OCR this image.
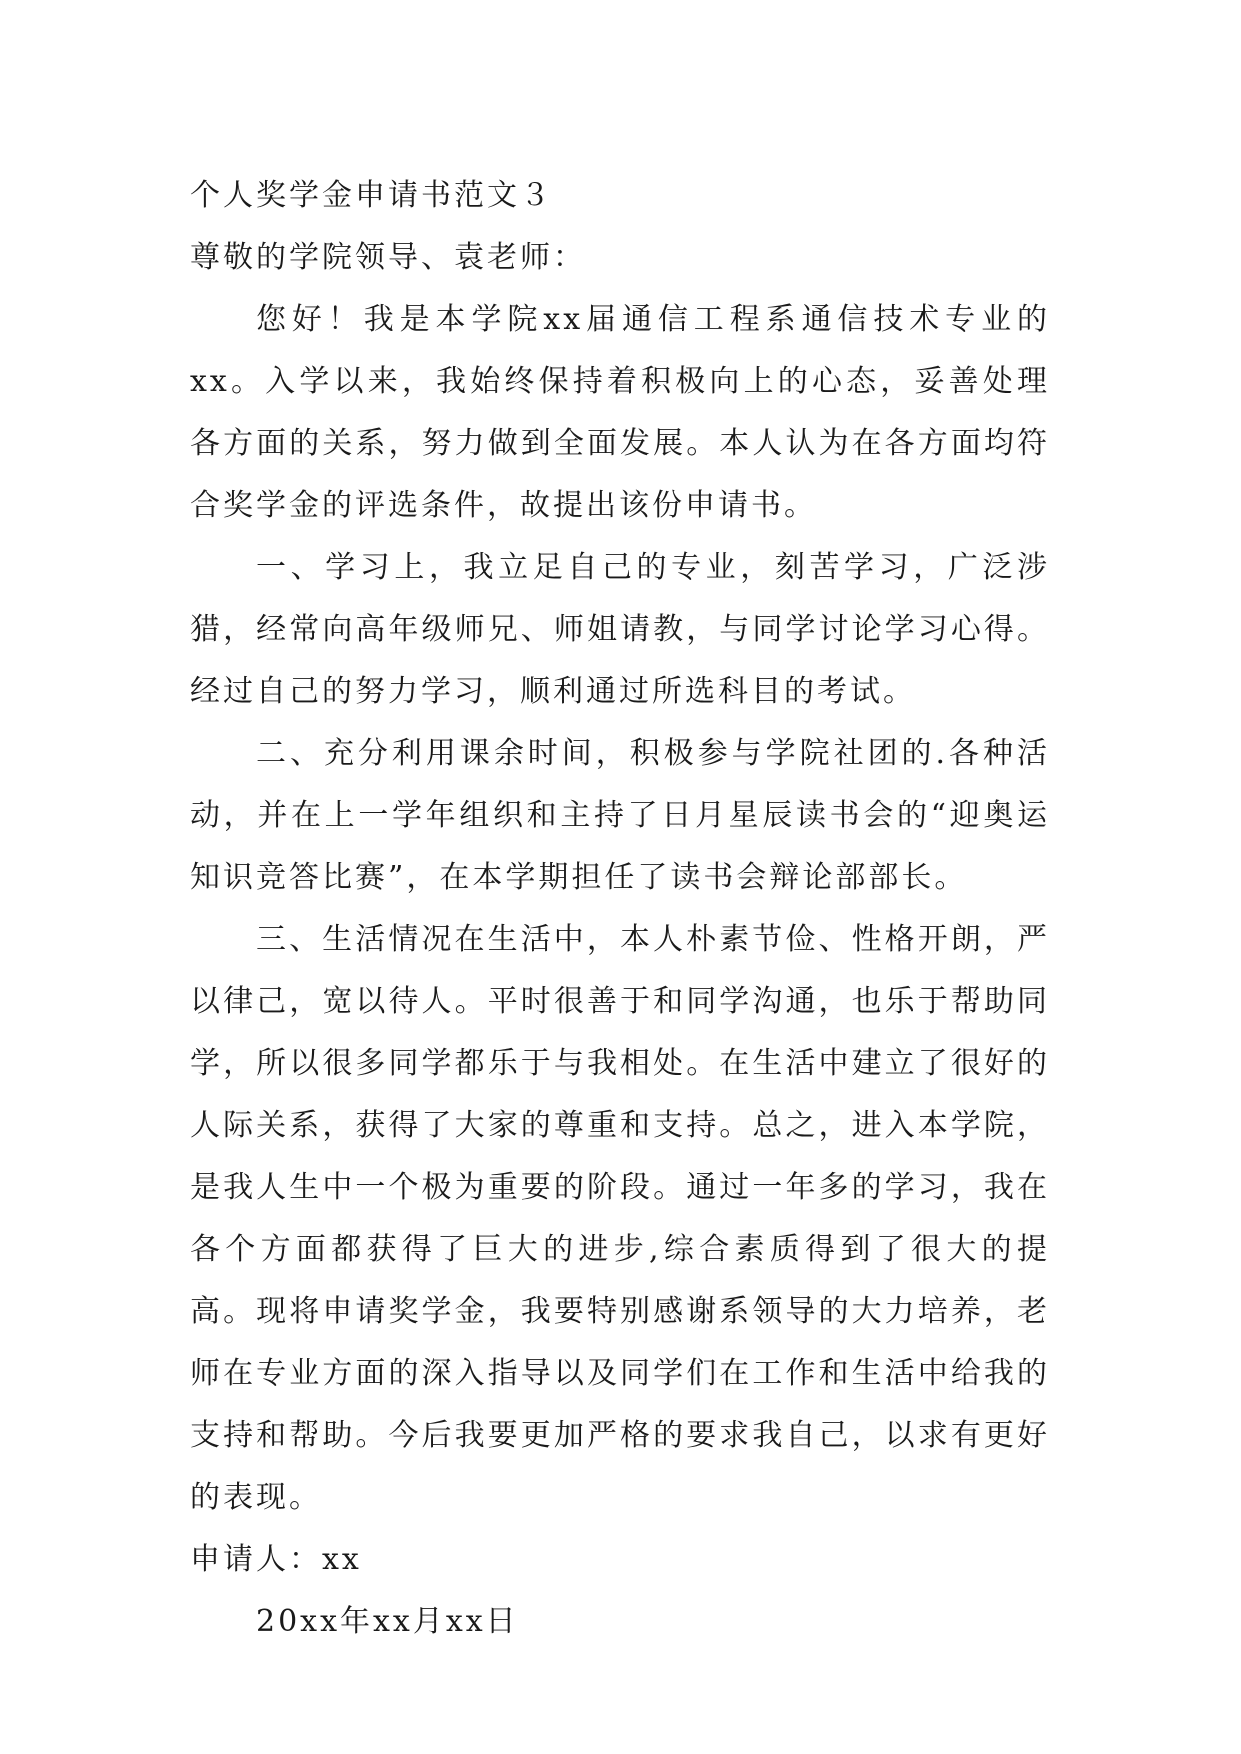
个人奖学金申请书范文３
尊敬的学院领导、袁老师：

您好！我是本学院xx届通信工程系通信技术专业的xx。入学以来，我始终保持着积极向上的心态，妥善处理各方面的关系，努力做到全面发展。本人认为在各方面均符合奖学金的评选条件，故提出该份申请书。

一、学习上，我立足自己的专业，刻苦学习，广泛涉猎，经常向高年级师兄、师姐请教，与同学讨论学习心得。经过自己的努力学习，顺利通过所选科目的考试。

二、充分利用课余时间，积极参与学院社团的.各种活动，并在上一学年组织和主持了日月星辰读书会的“迎奥运知识竞答比赛”，在本学期担任了读书会辩论部部长。

三、生活情况在生活中，本人朴素节俭、性格开朗，严以律己，宽以待人。平时很善于和同学沟通，也乐于帮助同学，所以很多同学都乐于与我相处。在生活中建立了很好的人际关系，获得了大家的尊重和支持。总之，进入本学院，是我人生中一个极为重要的阶段。通过一年多的学习，我在各个方面都获得了巨大的进步,综合素质得到了很大的提高。现将申请奖学金，我要特别感谢系领导的大力培养，老师在专业方面的深入指导以及同学们在工作和生活中给我的支持和帮助。今后我要更加严格的要求我自己，以求有更好的表现。

申请人：xx
20xx年xx月xx日
